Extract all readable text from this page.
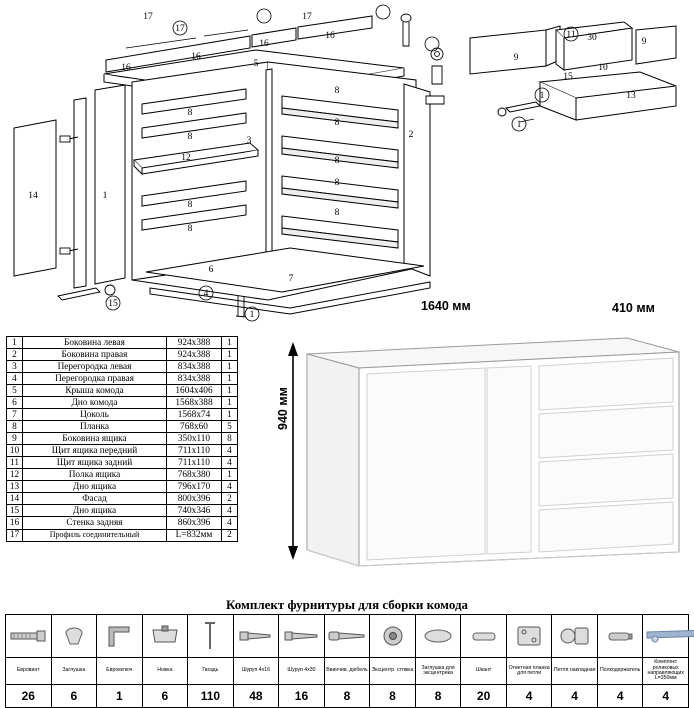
17	17
17
16
16
16
16
14	1
12
5
3
2
8
8
8
8
8
8
8
8
8
6
7
4
15
1
11 30
9
9
15
10
1
1
13
1	Боковина левая	924x388	1
2	Боковина правая	924x388	1
3	Перегородка левая	834x388	1
4	Перегородка правая	834x388	1
5	Крыша комода	1604x406	1
6	Дно комода	1568x388	1
7	Цоколь	1568x74	1
8	Планка	768x60	5
9	Боковина ящика	350x110	8
10	Щит ящика передний	711x110	4
11	Щит ящика задний	711x110	4
12	Полка ящика	768x380	1
13	Дно ящика	796x170	4
14	Фасад	800x396	2
15	Дно ящика	740x346	4
16	Стенка задняя	860x396	4
17	Профиль соединительный	L=832мм	2
1640 мм	410 мм
940 мм
Комплект фурнитуры для сборки комода

Евровинт	Заглушка	Еврокключ	Ножка	Гвоздь	Шуруп 4х16	Шуруп 4х30	Ввинчив. дюбель	Эксцентр. стяжка	Заглушка для эксцентрика	Шкант	Ответная планка для петли	Петля накладная	Полкодержатель	Комплект роликовых направляющих L=350мм
26	6	1	6	110	48	16	8	8	8	20	4	4	4	4
